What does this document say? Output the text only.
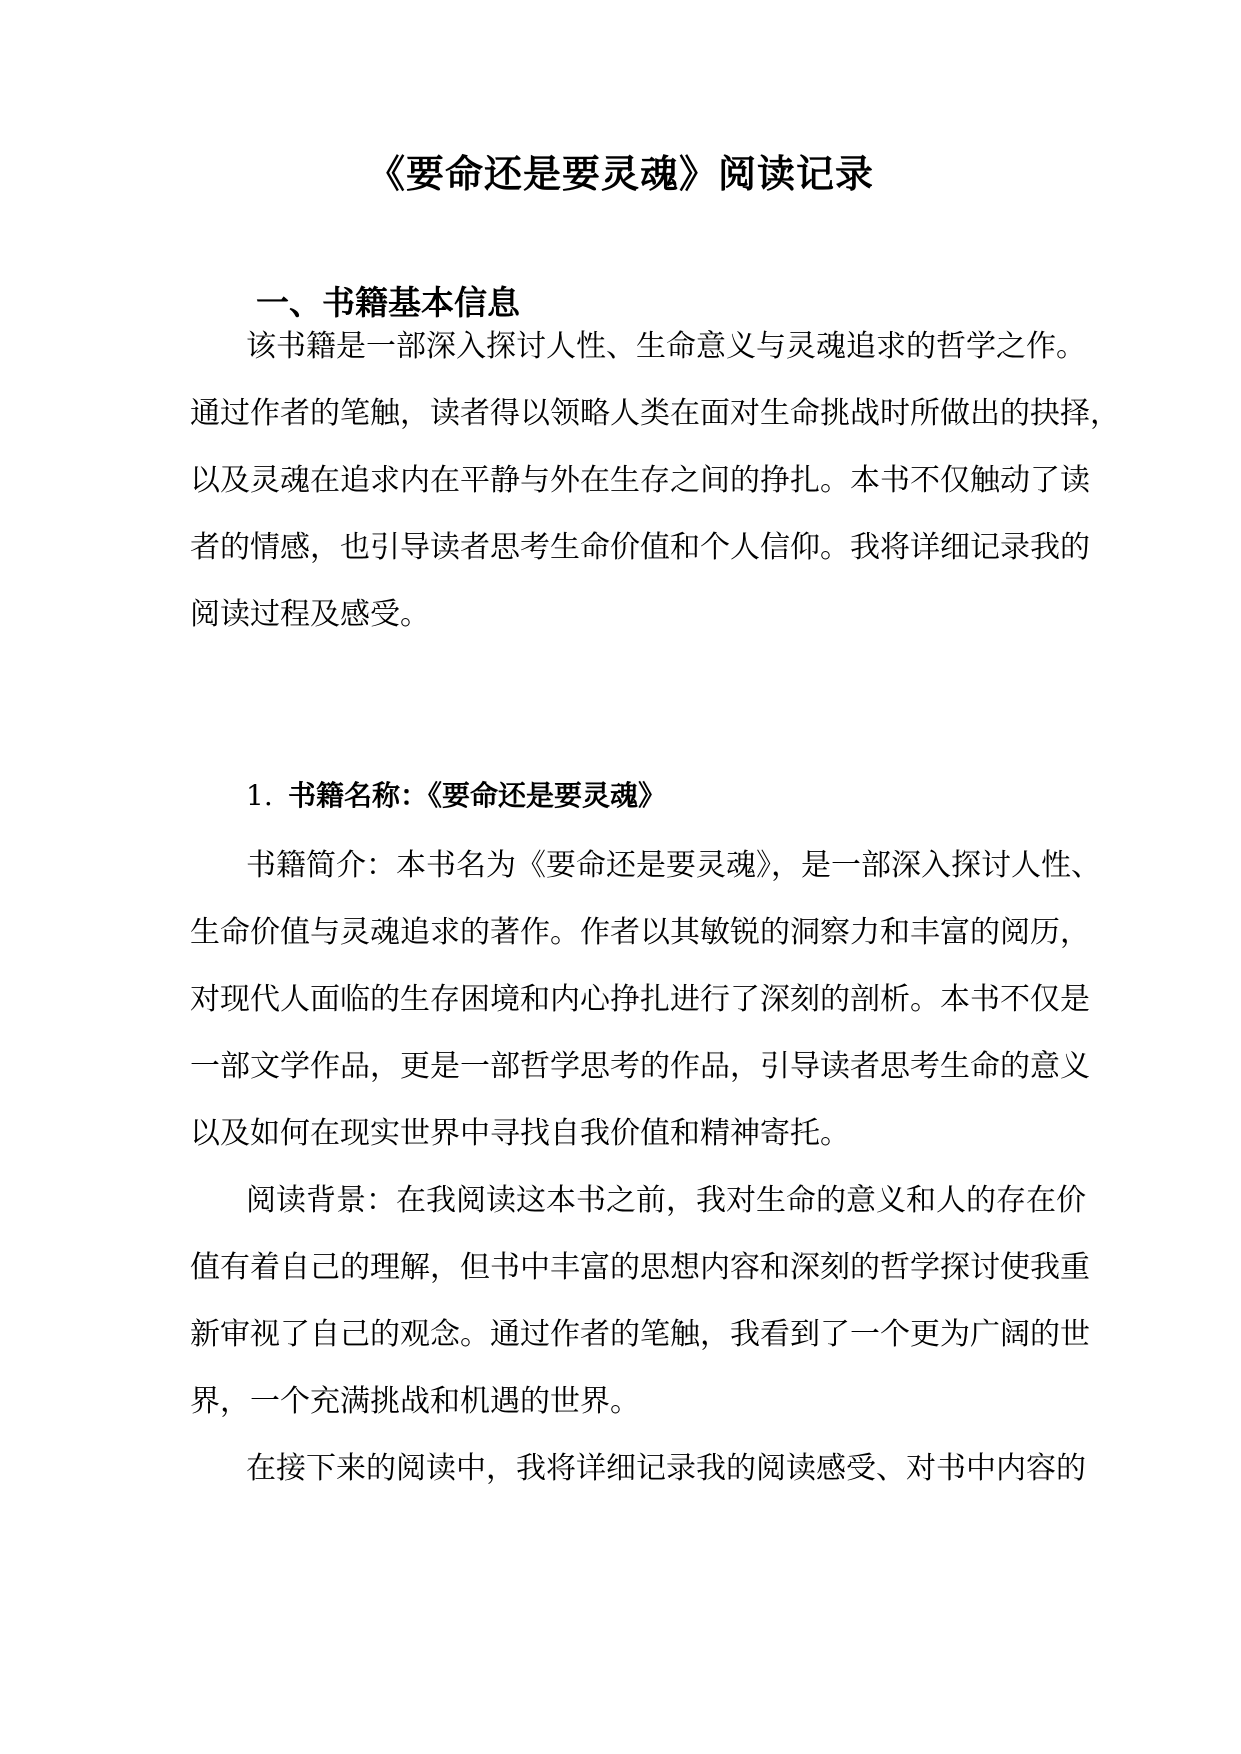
《要命还是要灵魂》阅读记录
一、书籍基本信息

该书籍是一部深入探讨人性、生命意义与灵魂追求的哲学之作。

通过作者的笔触，读者得以领略人类在面对生命挑战时所做出的抉择，

以及灵魂在追求内在平静与外在生存之间的挣扎。本书不仅触动了读

者的情感，也引导读者思考生命价值和个人信仰。我将详细记录我的

阅读过程及感受。

1. 书籍名称：《要命还是要灵魂》

书籍简介：本书名为《要命还是要灵魂》，是一部深入探讨人性、

生命价值与灵魂追求的著作。作者以其敏锐的洞察力和丰富的阅历，

对现代人面临的生存困境和内心挣扎进行了深刻的剖析。本书不仅是

一部文学作品，更是一部哲学思考的作品，引导读者思考生命的意义

以及如何在现实世界中寻找自我价值和精神寄托。

阅读背景：在我阅读这本书之前，我对生命的意义和人的存在价

值有着自己的理解，但书中丰富的思想内容和深刻的哲学探讨使我重

新审视了自己的观念。通过作者的笔触，我看到了一个更为广阔的世

界，一个充满挑战和机遇的世界。

在接下来的阅读中，我将详细记录我的阅读感受、对书中内容的
